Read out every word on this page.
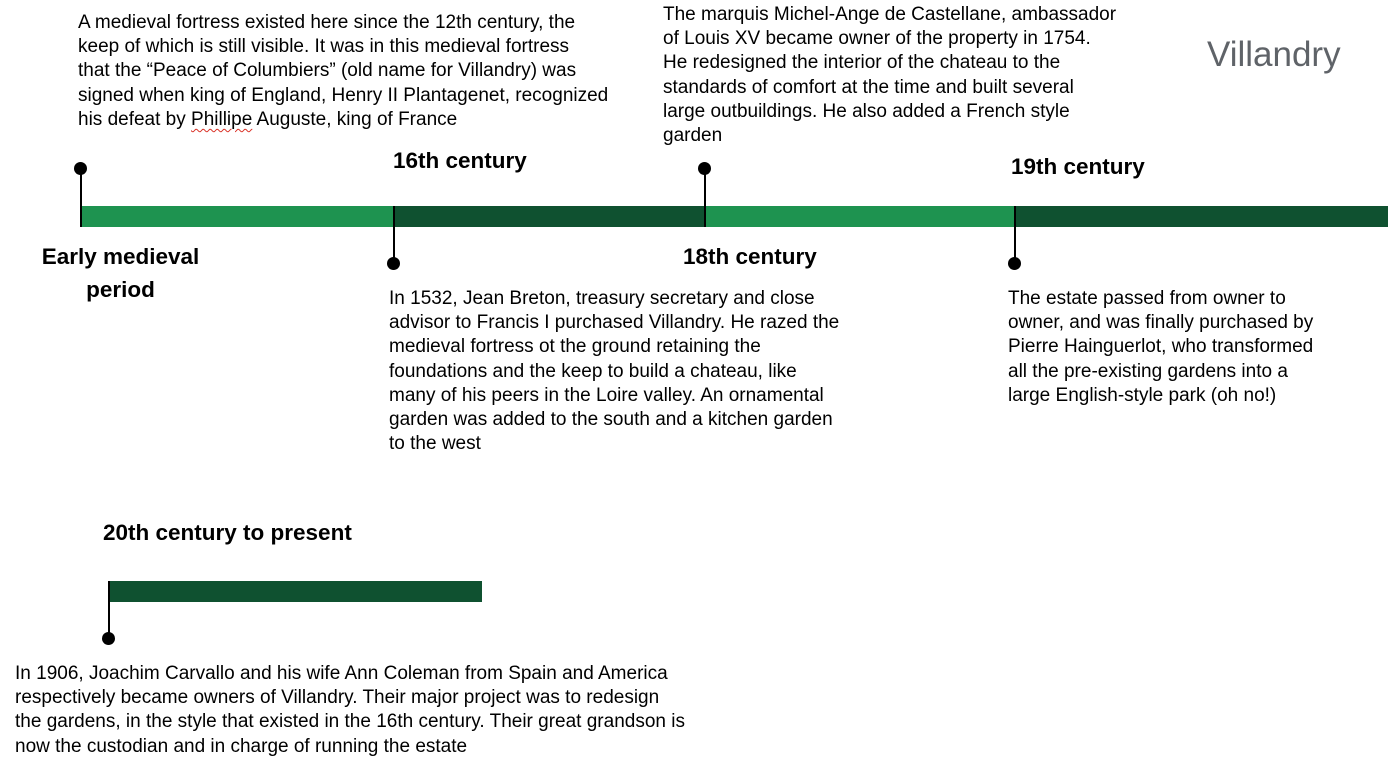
Villandry
A medieval fortress existed here since the 12th century, the
keep of which is still visible. It was in this medieval fortress
that the “Peace of Columbiers” (old name for Villandry) was
signed when king of England, Henry II Plantagenet, recognized
his defeat by Phillipe Auguste, king of France
Early medieval
period
16th century
In 1532, Jean Breton, treasury secretary and close
advisor to Francis I purchased Villandry. He razed the
medieval fortress ot the ground retaining the
foundations and the keep to build a chateau, like
many of his peers in the Loire valley. An ornamental
garden was added to the south and a kitchen garden
to the west
The marquis Michel-Ange de Castellane, ambassador
of Louis XV became owner of the property in 1754.
He redesigned the interior of the chateau to the
standards of comfort at the time and built several
large outbuildings. He also added a French style
garden
18th century
19th century
The estate passed from owner to
owner, and was finally purchased by
Pierre Hainguerlot, who transformed
all the pre-existing gardens into a
large English-style park (oh no!)
20th century to present
In 1906, Joachim Carvallo and his wife Ann Coleman from Spain and America
respectively became owners of Villandry. Their major project was to redesign
the gardens, in the style that existed in the 16th century. Their great grandson is
now the custodian and in charge of running the estate
